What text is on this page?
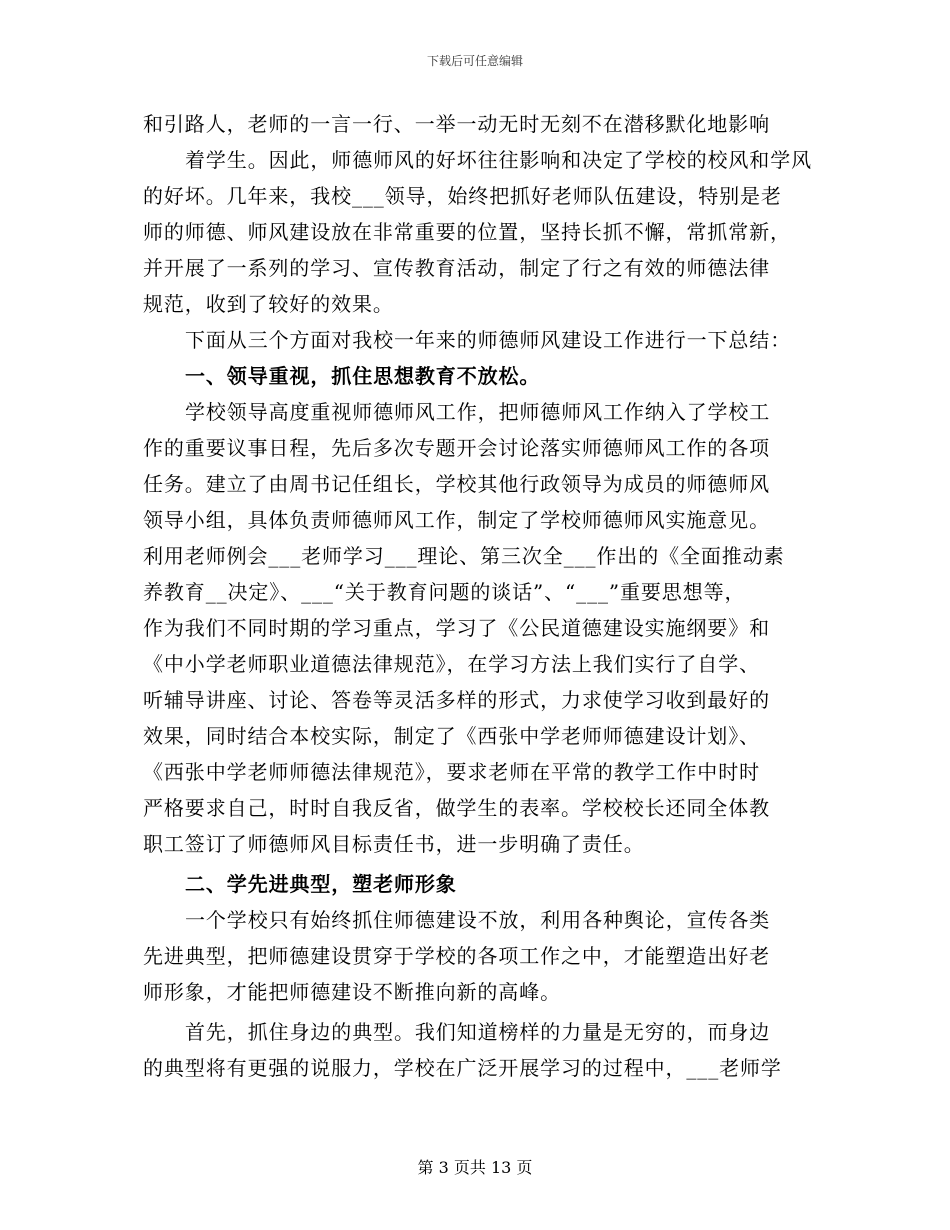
下载后可任意编辑
和引路人，老师的一言一行、一举一动无时无刻不在潜移默化地影响
着学生。因此，师德师风的好坏往往影响和决定了学校的校风和学风
的好坏。几年来，我校___领导，始终把抓好老师队伍建设，特别是老
师的师德、师风建设放在非常重要的位置，坚持长抓不懈，常抓常新，
并开展了一系列的学习、宣传教育活动，制定了行之有效的师德法律
规范，收到了较好的效果。
下面从三个方面对我校一年来的师德师风建设工作进行一下总结：
一、领导重视，抓住思想教育不放松。
学校领导高度重视师德师风工作，把师德师风工作纳入了学校工
作的重要议事日程，先后多次专题开会讨论落实师德师风工作的各项
任务。建立了由周书记任组长，学校其他行政领导为成员的师德师风
领导小组，具体负责师德师风工作，制定了学校师德师风实施意见。
利用老师例会___老师学习___理论、第三次全___作出的《全面推动素
养教育__决定》、___“关于教育问题的谈话”、“___”重要思想等，
作为我们不同时期的学习重点，学习了《公民道德建设实施纲要》和
《中小学老师职业道德法律规范》，在学习方法上我们实行了自学、
听辅导讲座、讨论、答卷等灵活多样的形式，力求使学习收到最好的
效果，同时结合本校实际，制定了《西张中学老师师德建设计划》、
《西张中学老师师德法律规范》，要求老师在平常的教学工作中时时
严格要求自己，时时自我反省，做学生的表率。学校校长还同全体教
职工签订了师德师风目标责任书，进一步明确了责任。
二、学先进典型，塑老师形象
一个学校只有始终抓住师德建设不放，利用各种舆论，宣传各类
先进典型，把师德建设贯穿于学校的各项工作之中，才能塑造出好老
师形象，才能把师德建设不断推向新的高峰。
首先，抓住身边的典型。我们知道榜样的力量是无穷的，而身边
的典型将有更强的说服力，学校在广泛开展学习的过程中，___老师学
第 3 页共 13 页
